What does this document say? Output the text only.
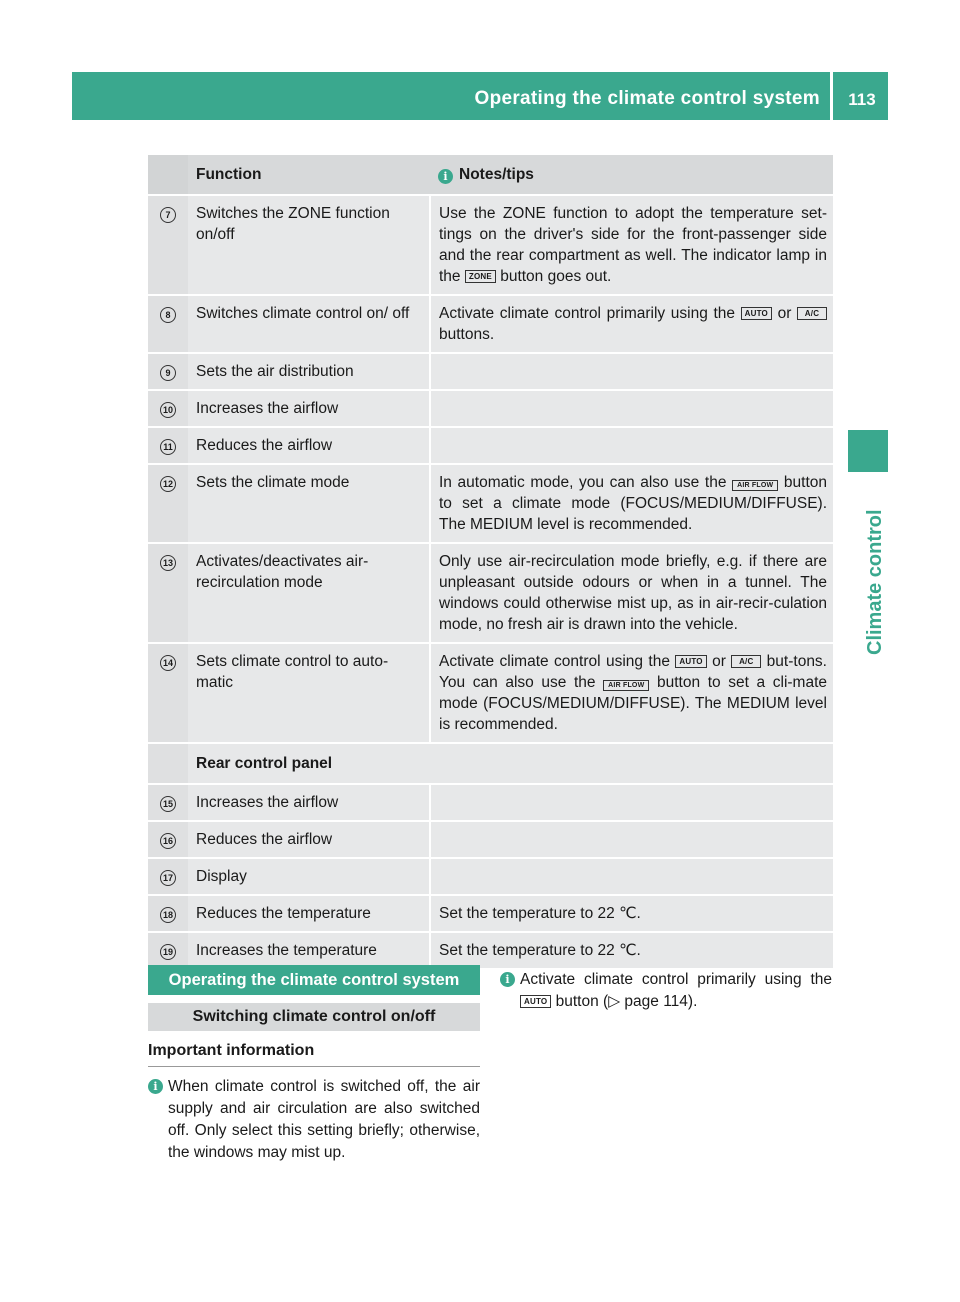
Operating the climate control system	113
Climate control
	Function	i Notes/tips
7	Switches the ZONE function on/off	Use the ZONE function to adopt the temperature set-tings on the driver's side for the front-passenger side and the rear compartment as well. The indicator lamp in the ZONE button goes out.
8	Switches climate control on/ off	Activate climate control primarily using the AUTO or A/C buttons.
9	Sets the air distribution	
10	Increases the airflow	
11	Reduces the airflow	
12	Sets the climate mode	In automatic mode, you can also use the AIR FLOW button to set a climate mode (FOCUS/MEDIUM/DIFFUSE). The MEDIUM level is recommended.
13	Activates/deactivates air-recirculation mode	Only use air-recirculation mode briefly, e.g. if there are unpleasant outside odours or when in a tunnel. The windows could otherwise mist up, as in air-recir-culation mode, no fresh air is drawn into the vehicle.
14	Sets climate control to auto-matic	Activate climate control using the AUTO or A/C but-tons. You can also use the AIR FLOW button to set a cli-mate mode (FOCUS/MEDIUM/DIFFUSE). The MEDIUM level is recommended.
	Rear control panel	
15	Increases the airflow	
16	Reduces the airflow	
17	Display	
18	Reduces the temperature	Set the temperature to 22 ℃.
19	Increases the temperature	Set the temperature to 22 ℃.
Operating the climate control system
Switching climate control on/off
Important information
i When climate control is switched off, the air supply and air circulation are also switched off. Only select this setting briefly; otherwise, the windows may mist up.
i Activate climate control primarily using the AUTO button (▷ page 114).
